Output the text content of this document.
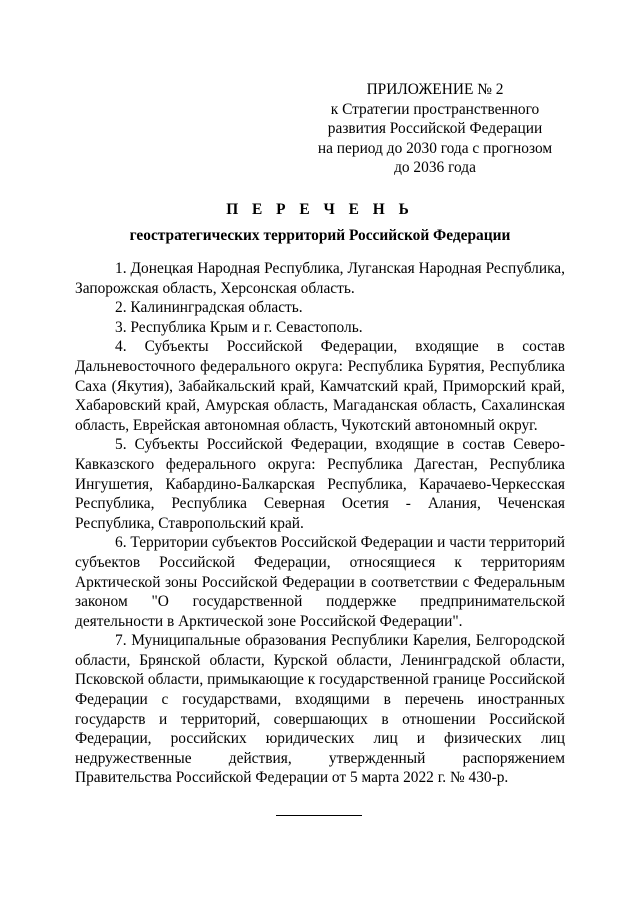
ПРИЛОЖЕНИЕ № 2
к Стратегии пространственного
развития Российской Федерации
на период до 2030 года с прогнозом
до 2036 года
П Е Р Е Ч Е Н Ь
геостратегических территорий Российской Федерации

1. Донецкая Народная Республика, Луганская Народная Республика, Запорожская область, Херсонская область.

2. Калининградская область.

3. Республика Крым и г. Севастополь.

4. Субъекты Российской Федерации, входящие в состав Дальневосточного федерального округа: Республика Бурятия, Республика Саха (Якутия), Забайкальский край, Камчатский край, Приморский край, Хабаровский край, Амурская область, Магаданская область, Сахалинская область, Еврейская автономная область, Чукотский автономный округ.

5. Субъекты Российской Федерации, входящие в состав Северо-Кавказского федерального округа: Республика Дагестан, Республика Ингушетия, Кабардино-Балкарская Республика, Карачаево-Черкесская Республика, Республика Северная Осетия - Алания, Чеченская Республика, Ставропольский край.

6. Территории субъектов Российской Федерации и части территорий субъектов Российской Федерации, относящиеся к территориям Арктической зоны Российской Федерации в соответствии с Федеральным законом "О государственной поддержке предпринимательской деятельности в Арктической зоне Российской Федерации".

7. Муниципальные образования Республики Карелия, Белгородской области, Брянской области, Курской области, Ленинградской области, Псковской области, примыкающие к государственной границе Российской Федерации с государствами, входящими в перечень иностранных государств и территорий, совершающих в отношении Российской Федерации, российских юридических лиц и физических лиц недружественные действия, утвержденный распоряжением Правительства Российской Федерации от 5 марта 2022 г. № 430-р.
